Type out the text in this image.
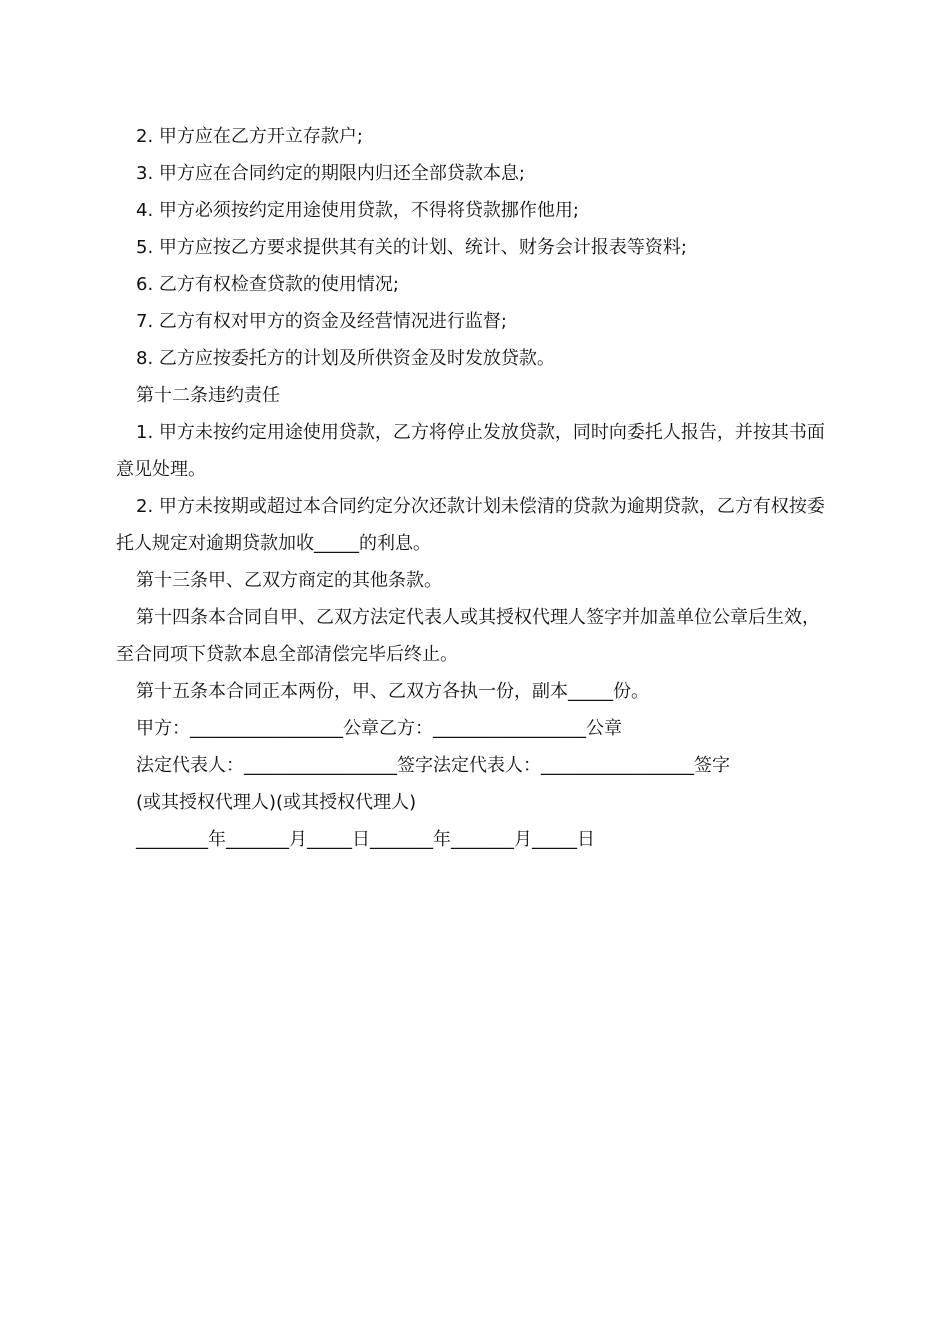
2. 甲方应在乙方开立存款户;

3. 甲方应在合同约定的期限内归还全部贷款本息;

4. 甲方必须按约定用途使用贷款，不得将贷款挪作他用;

5. 甲方应按乙方要求提供其有关的计划、统计、财务会计报表等资料;

6. 乙方有权检查贷款的使用情况;

7. 乙方有权对甲方的资金及经营情况进行监督;

8. 乙方应按委托方的计划及所供资金及时发放贷款。

第十二条违约责任

1. 甲方未按约定用途使用贷款，乙方将停止发放贷款，同时向委托人报告，并按其书面意见处理。

2. 甲方未按期或超过本合同约定分次还款计划未偿清的贷款为逾期贷款，乙方有权按委托人规定对逾期贷款加收_____的利息。

第十三条甲、乙双方商定的其他条款。

第十四条本合同自甲、乙双方法定代表人或其授权代理人签字并加盖单位公章后生效，至合同项下贷款本息全部清偿完毕后终止。

第十五条本合同正本两份，甲、乙双方各执一份，副本_____份。

甲方：_________________公章乙方：_________________公章

法定代表人：_________________签字法定代表人：_________________签字

(或其授权代理人)(或其授权代理人)

________年_______月_____日_______年_______月_____日
